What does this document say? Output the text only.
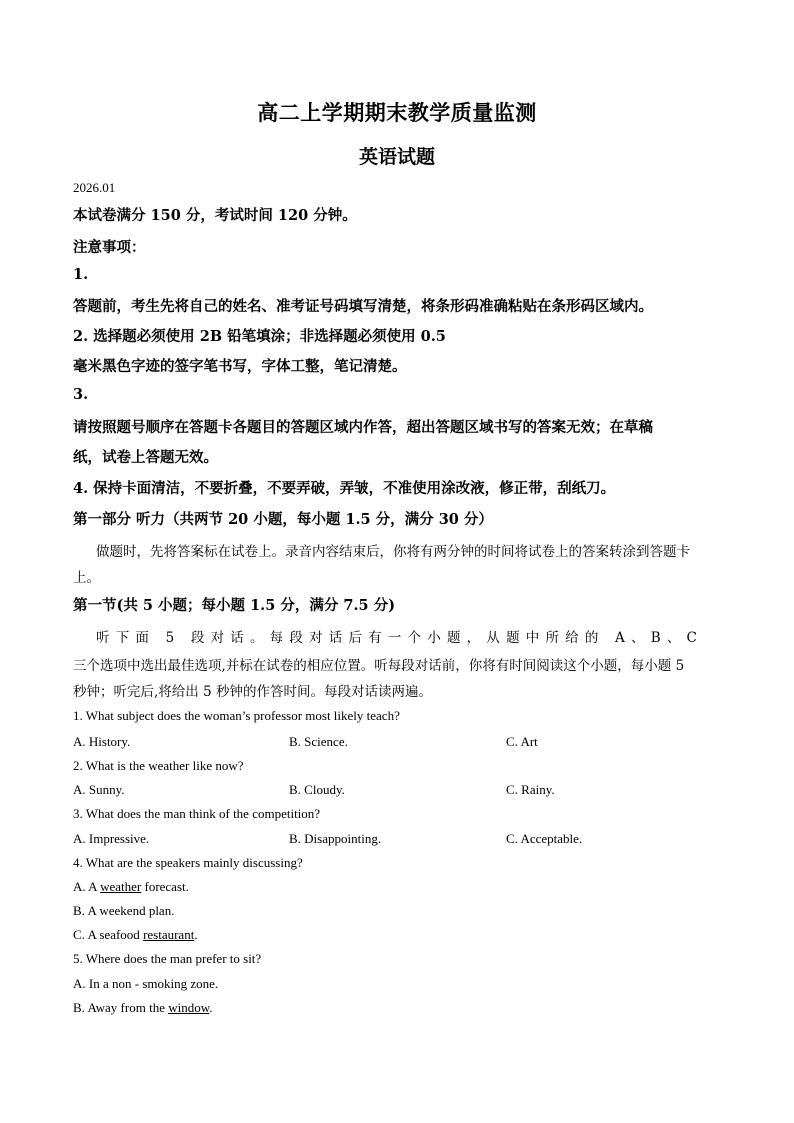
高二上学期期末教学质量监测
英语试题
2026.01
本试卷满分 150 分，考试时间 120 分钟。
注意事项：
1.
答题前，考生先将自己的姓名、准考证号码填写清楚，将条形码准确粘贴在条形码区域内。
2. 选择题必须使用 2B 铅笔填涂；非选择题必须使用 0.5
毫米黑色字迹的签字笔书写，字体工整，笔记清楚。
3.
请按照题号顺序在答题卡各题目的答题区域内作答，超出答题区域书写的答案无效；在草稿
纸，试卷上答题无效。
4. 保持卡面清洁，不要折叠，不要弄破，弄皱，不准使用涂改液，修正带，刮纸刀。
第一部分 听力（共两节 20 小题，每小题 1.5 分，满分 30 分）
做题时，先将答案标在试卷上。录音内容结束后，你将有两分钟的时间将试卷上的答案转涂到答题卡
上。
第一节(共 5 小题；每小题 1.5 分，满分 7.5 分)
听下面 5 段对话。每段对话后有一个小题，从题中所给的 A、B、C
三个选项中选出最佳选项,并标在试卷的相应位置。听每段对话前，你将有时间阅读这个小题，每小题 5
秒钟；听完后,将给出 5 秒钟的作答时间。每段对话读两遍。
1. What subject does the woman’s professor most likely teach?
A. History.	B. Science.	C. Art
2. What is the weather like now?
A. Sunny.	B. Cloudy.	C. Rainy.
3. What does the man think of the competition?
A. Impressive.	B. Disappointing.	C. Acceptable.
4. What are the speakers mainly discussing?
A. A weather forecast.
B. A weekend plan.
C. A seafood restaurant.
5. Where does the man prefer to sit?
A. In a non - smoking zone.
B. Away from the window.
